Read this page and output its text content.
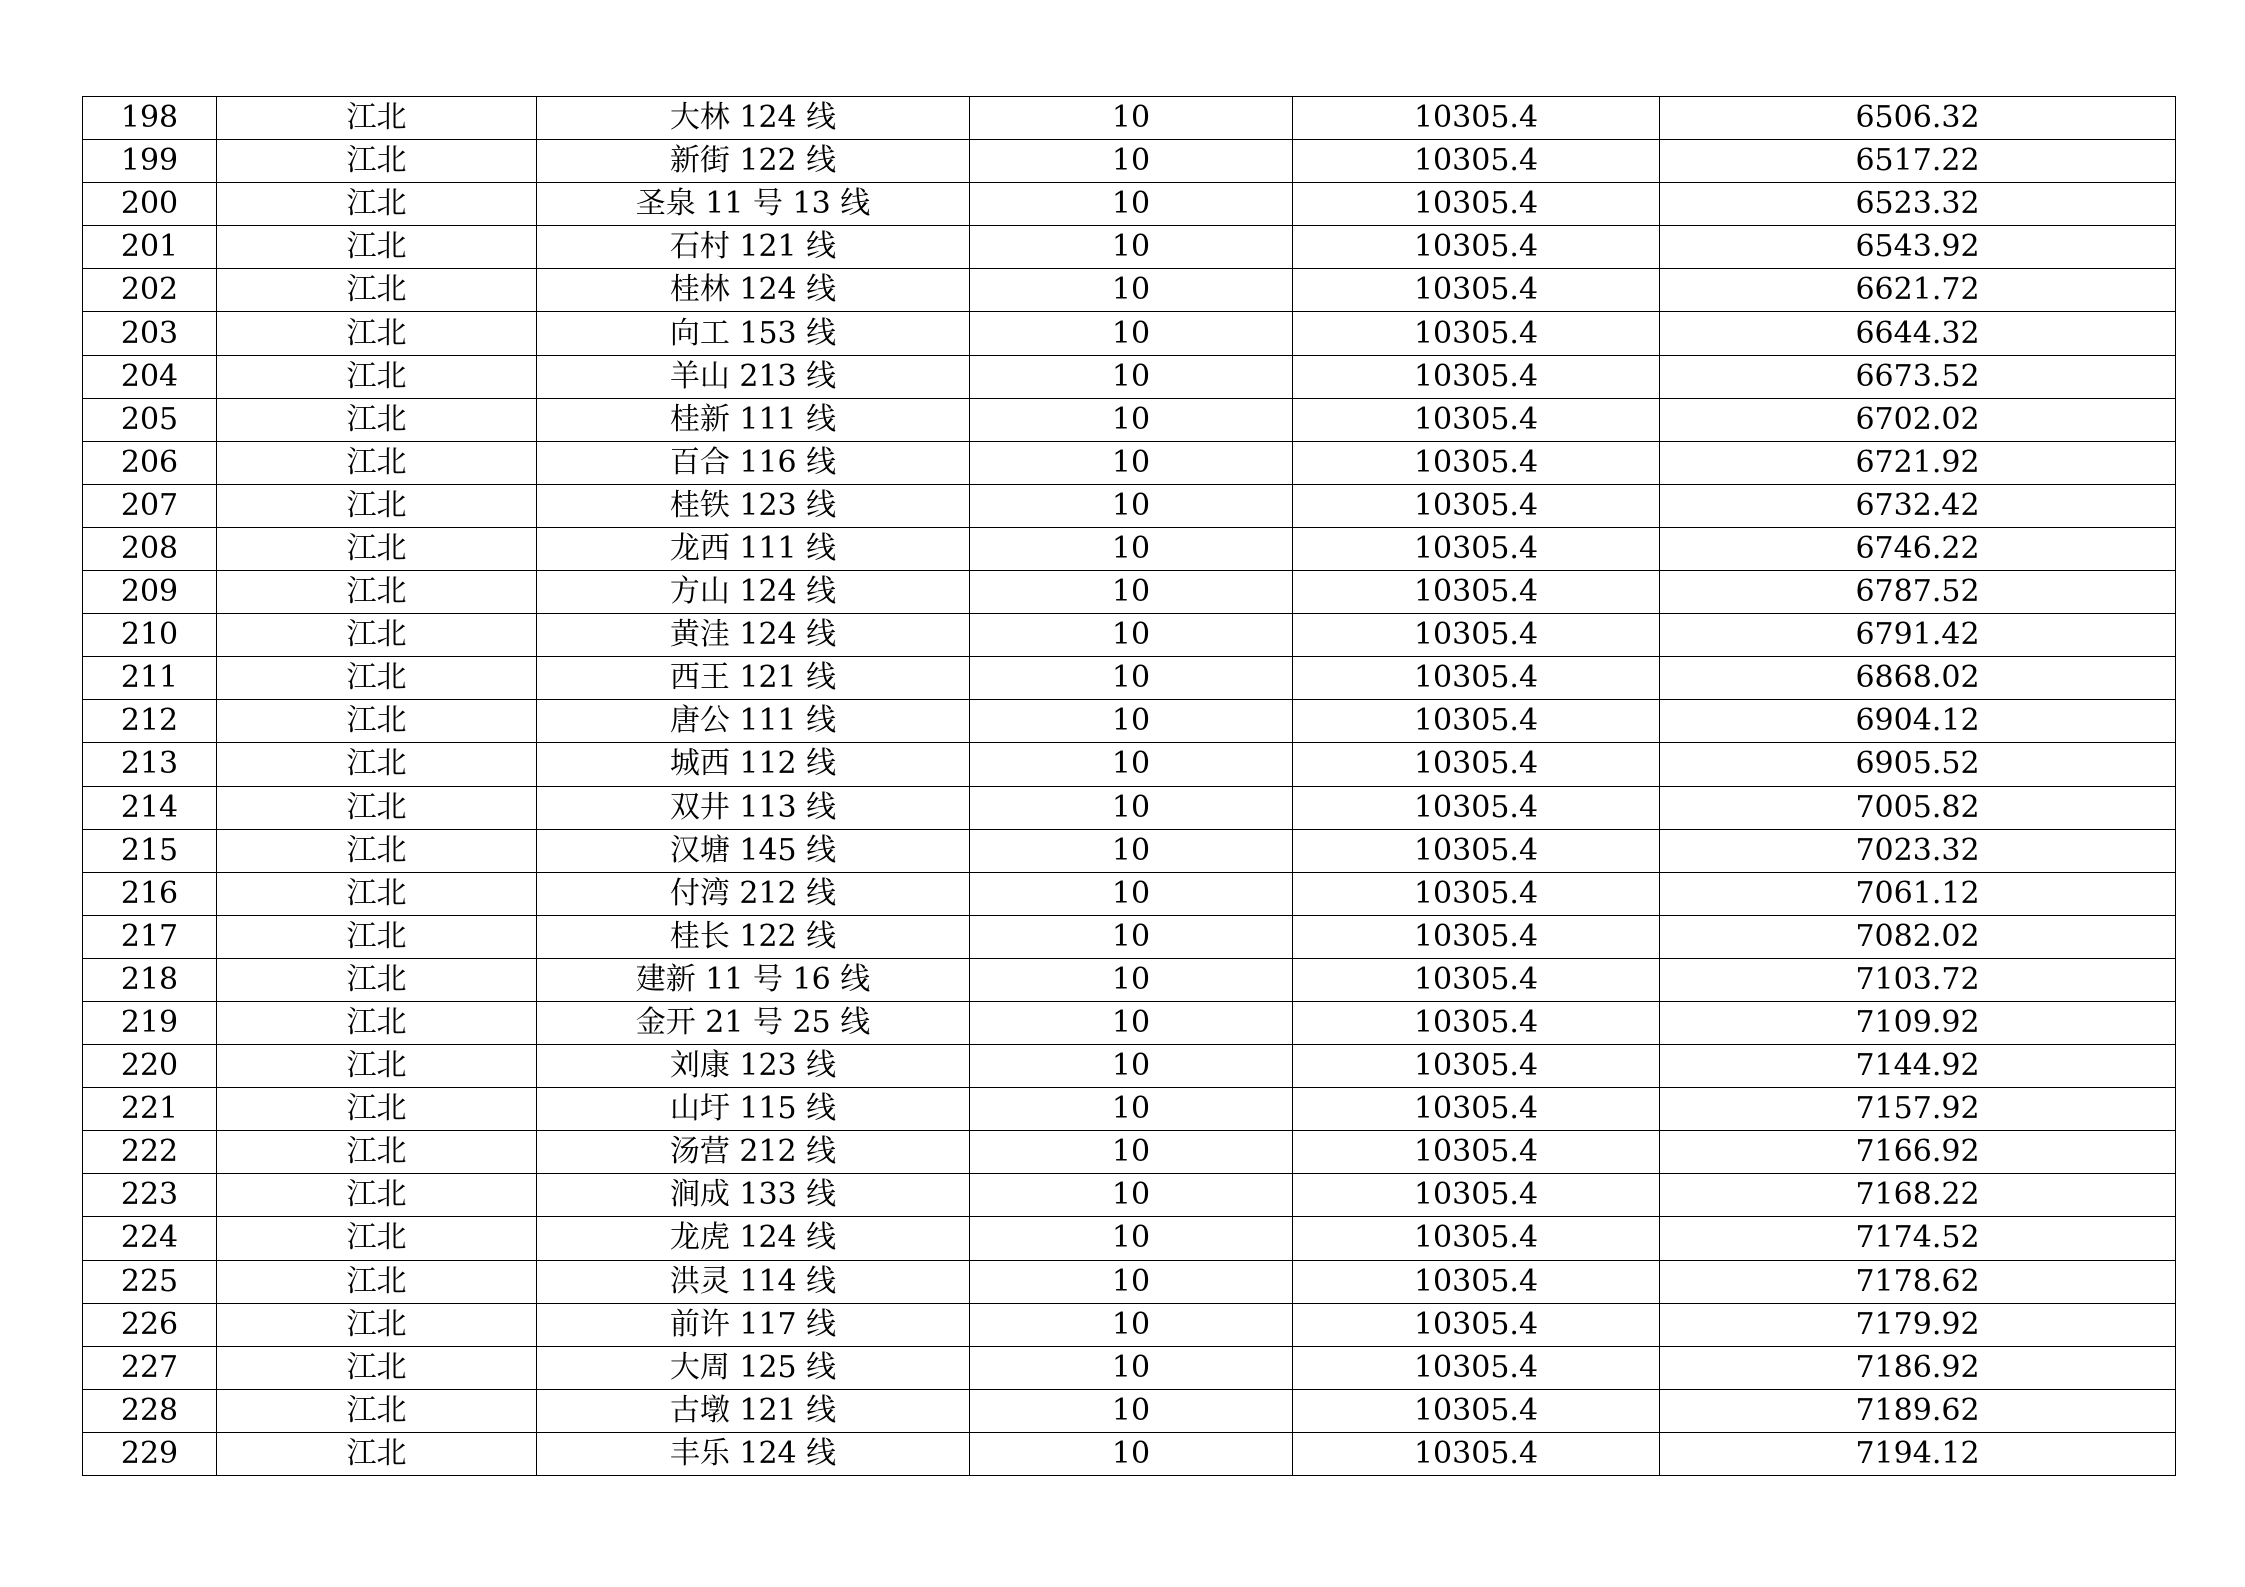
198	江北	大林 124 线	10	10305.4	6506.32
199	江北	新街 122 线	10	10305.4	6517.22
200	江北	圣泉 11 号 13 线	10	10305.4	6523.32
201	江北	石村 121 线	10	10305.4	6543.92
202	江北	桂林 124 线	10	10305.4	6621.72
203	江北	向工 153 线	10	10305.4	6644.32
204	江北	羊山 213 线	10	10305.4	6673.52
205	江北	桂新 111 线	10	10305.4	6702.02
206	江北	百合 116 线	10	10305.4	6721.92
207	江北	桂铁 123 线	10	10305.4	6732.42
208	江北	龙西 111 线	10	10305.4	6746.22
209	江北	方山 124 线	10	10305.4	6787.52
210	江北	黄洼 124 线	10	10305.4	6791.42
211	江北	西王 121 线	10	10305.4	6868.02
212	江北	唐公 111 线	10	10305.4	6904.12
213	江北	城西 112 线	10	10305.4	6905.52
214	江北	双井 113 线	10	10305.4	7005.82
215	江北	汉塘 145 线	10	10305.4	7023.32
216	江北	付湾 212 线	10	10305.4	7061.12
217	江北	桂长 122 线	10	10305.4	7082.02
218	江北	建新 11 号 16 线	10	10305.4	7103.72
219	江北	金开 21 号 25 线	10	10305.4	7109.92
220	江北	刘康 123 线	10	10305.4	7144.92
221	江北	山圩 115 线	10	10305.4	7157.92
222	江北	汤营 212 线	10	10305.4	7166.92
223	江北	涧成 133 线	10	10305.4	7168.22
224	江北	龙虎 124 线	10	10305.4	7174.52
225	江北	洪灵 114 线	10	10305.4	7178.62
226	江北	前许 117 线	10	10305.4	7179.92
227	江北	大周 125 线	10	10305.4	7186.92
228	江北	古墩 121 线	10	10305.4	7189.62
229	江北	丰乐 124 线	10	10305.4	7194.12
